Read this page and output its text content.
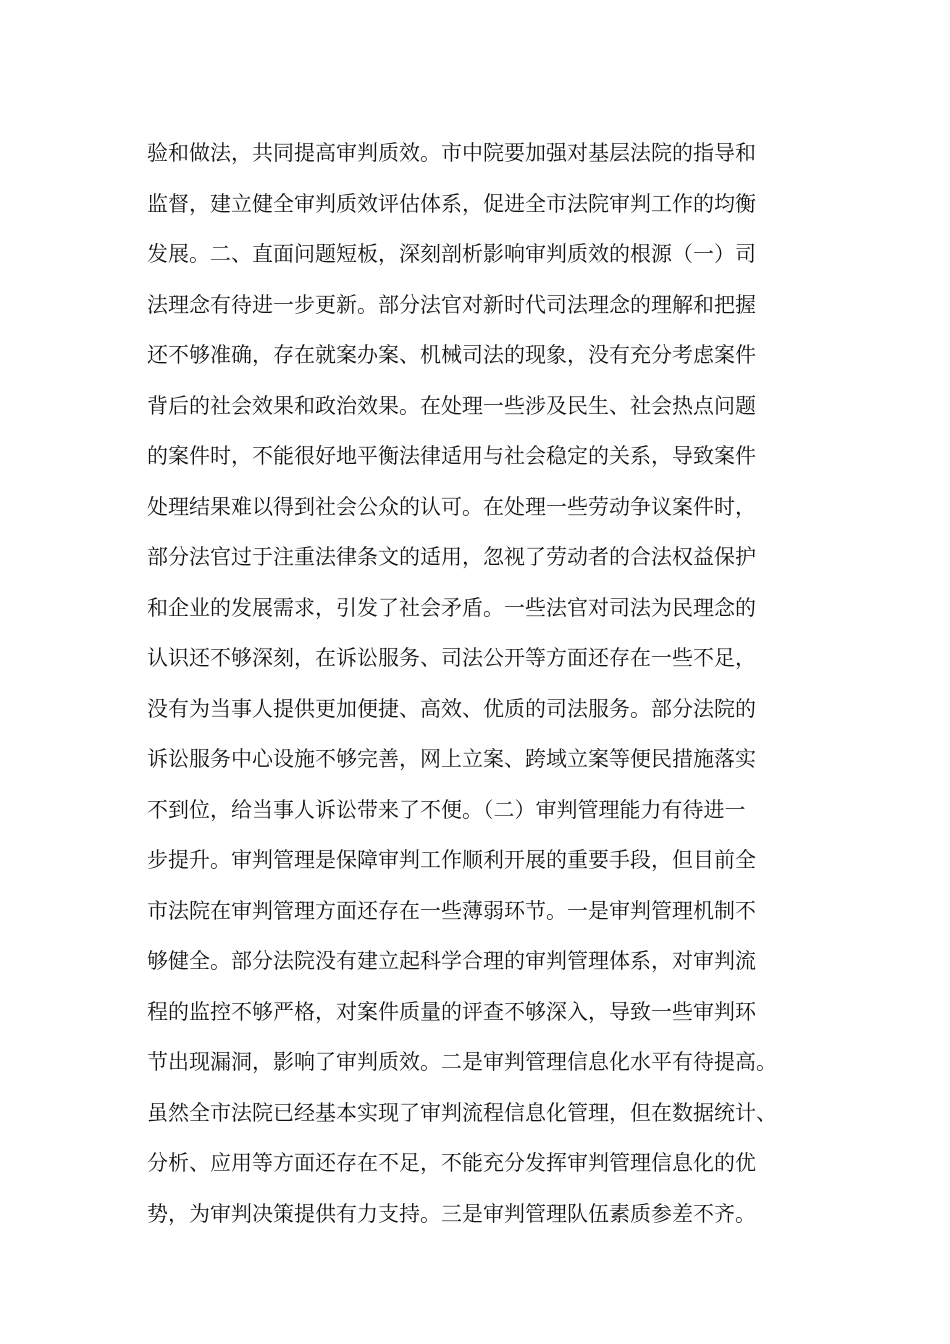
验和做法，共同提高审判质效。市中院要加强对基层法院的指导和
监督，建立健全审判质效评估体系，促进全市法院审判工作的均衡
发展。二、直面问题短板，深刻剖析影响审判质效的根源（一）司
法理念有待进一步更新。部分法官对新时代司法理念的理解和把握
还不够准确，存在就案办案、机械司法的现象，没有充分考虑案件
背后的社会效果和政治效果。在处理一些涉及民生、社会热点问题
的案件时，不能很好地平衡法律适用与社会稳定的关系，导致案件
处理结果难以得到社会公众的认可。在处理一些劳动争议案件时，
部分法官过于注重法律条文的适用，忽视了劳动者的合法权益保护
和企业的发展需求，引发了社会矛盾。一些法官对司法为民理念的
认识还不够深刻，在诉讼服务、司法公开等方面还存在一些不足，
没有为当事人提供更加便捷、高效、优质的司法服务。部分法院的
诉讼服务中心设施不够完善，网上立案、跨域立案等便民措施落实
不到位，给当事人诉讼带来了不便。（二）审判管理能力有待进一
步提升。审判管理是保障审判工作顺利开展的重要手段，但目前全
市法院在审判管理方面还存在一些薄弱环节。一是审判管理机制不
够健全。部分法院没有建立起科学合理的审判管理体系，对审判流
程的监控不够严格，对案件质量的评查不够深入，导致一些审判环
节出现漏洞，影响了审判质效。二是审判管理信息化水平有待提高。
虽然全市法院已经基本实现了审判流程信息化管理，但在数据统计、
分析、应用等方面还存在不足，不能充分发挥审判管理信息化的优
势，为审判决策提供有力支持。三是审判管理队伍素质参差不齐。
